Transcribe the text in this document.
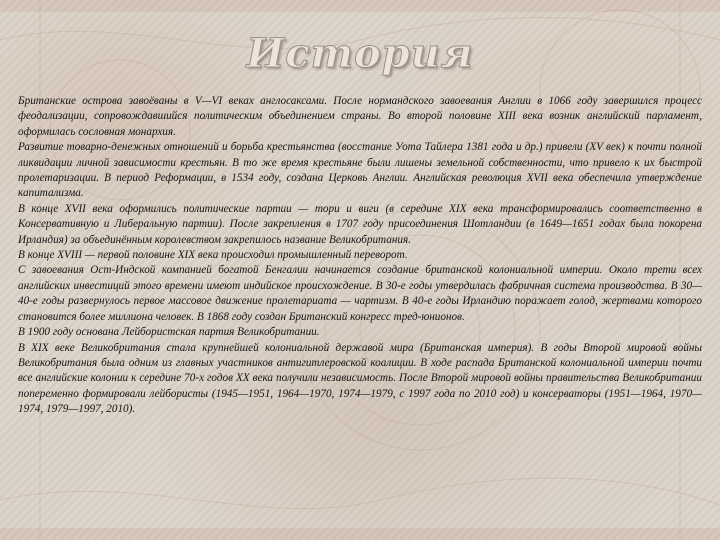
История

Британские острова завоёваны в V—VI веках англосаксами. После нормандского завоевания Англии в 1066 году завершился процесс феодализации, сопровождавшийся политическим объединением страны. Во второй половине XIII века возник английский парламент, оформилась сословная монархия.

Развитие товарно-денежных отношений и борьба крестьянства (восстание Уота Тайлера 1381 года и др.) привели (XV век) к почти полной ликвидации личной зависимости крестьян. В то же время крестьяне были лишены земельной собственности, что привело к их быстрой пролетаризации. В период Реформации, в 1534 году, создана Церковь Англии. Английская революция XVII века обеспечила утверждение капитализма.

В конце XVII века оформились политические партии — тори и виги (в середине XIX века трансформировались соответственно в Консервативную и Либеральную партии). После закрепления в 1707 году присоединения Шотландии (в 1649—1651 годах была покорена Ирландия) за объединённым королевством закрепилось название Великобритания.

В конце XVIII — первой половине XIX века происходил промышленный переворот.

С завоевания Ост-Индской компанией богатой Бенгалии начинается создание британской колониальной империи. Около трети всех английских инвестиций этого времени имеют индийское происхождение. В 30-е годы утвердилась фабричная система производства. В 30—40-е годы развернулось первое массовое движение пролетариата — чартизм. В 40-е годы Ирландию поражает голод, жертвами которого становится более миллиона человек. В 1868 году создан Британский конгресс тред-юнионов.

В 1900 году основана Лейбористская партия Великобритании.

В XIX веке Великобритания стала крупнейшей колониальной державой мира (Британская империя). В годы Второй мировой войны Великобритания была одним из главных участников антигитлеровской коалиции. В ходе распада Британской колониальной империи почти все английские колонии к середине 70-х годов XX века получили независимость. После Второй мировой войны правительства Великобритании попеременно формировали лейбористы (1945—1951, 1964—1970, 1974—1979, с 1997 года по 2010 год) и консерваторы (1951—1964, 1970—1974, 1979—1997, 2010).
